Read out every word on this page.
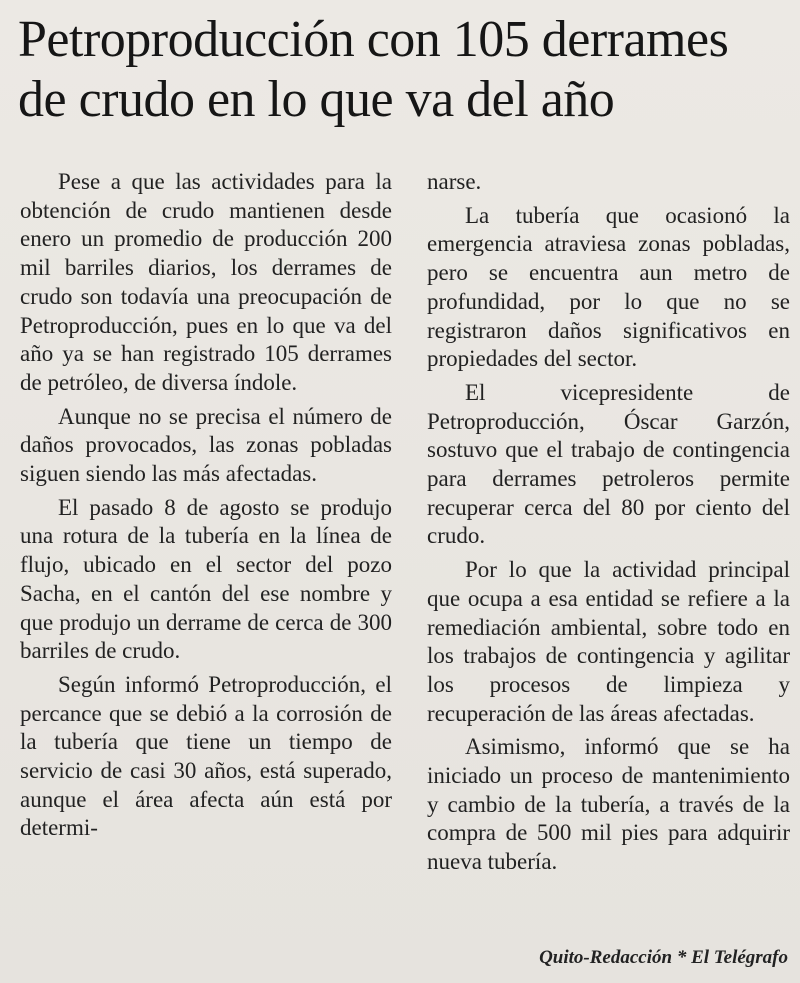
Petroproducción con 105 derrames
de crudo en lo que va del año

Pese a que las actividades para la obtención de crudo mantienen desde enero un promedio de producción 200 mil barriles diarios, los derrames de crudo son todavía una preocupación de Petroproducción, pues en lo que va del año ya se han registrado 105 derrames de petróleo, de diversa índole.

Aunque no se precisa el número de daños provocados, las zonas pobladas siguen siendo las más afectadas.

El pasado 8 de agosto se produjo una rotura de la tubería en la línea de flujo, ubicado en el sector del pozo Sacha, en el cantón del ese nombre y que produjo un derrame de cerca de 300 barriles de crudo.

Según informó Petroproducción, el percance que se debió a la corrosión de la tubería que tiene un tiempo de servicio de casi 30 años, está superado, aunque el área afecta aún está por determi-

narse.

La tubería que ocasionó la emergencia atraviesa zonas pobladas, pero se encuentra aun metro de profundidad, por lo que no se registraron daños significativos en propiedades del sector.

El vicepresidente de Petroproducción, Óscar Garzón, sostuvo que el trabajo de contingencia para derrames petroleros permite recuperar cerca del 80 por ciento del crudo.

Por lo que la actividad principal que ocupa a esa entidad se refiere a la remediación ambiental, sobre todo en los trabajos de contingencia y agilitar los procesos de limpieza y recuperación de las áreas afectadas.

Asimismo, informó que se ha iniciado un proceso de mantenimiento y cambio de la tubería, a través de la compra de 500 mil pies para adquirir nueva tubería.

Quito-Redacción * El Telégrafo
